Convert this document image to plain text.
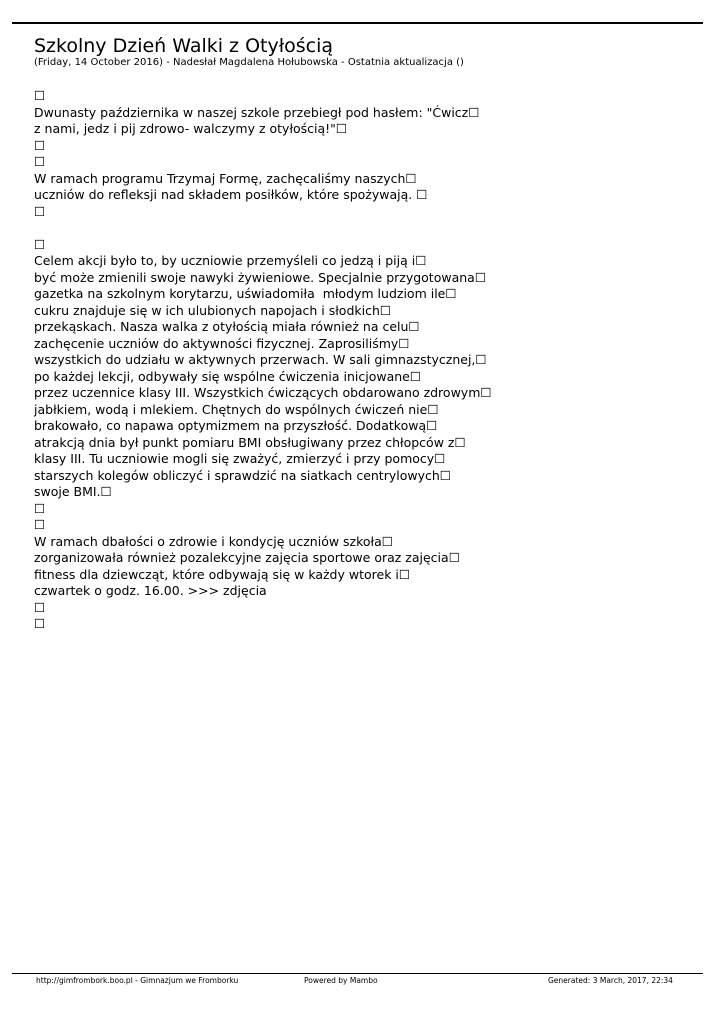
Szkolny Dzień Walki z Otyłością

(Friday, 14 October 2016) - Nadesłał Magdalena Hołubowska - Ostatnia aktualizacja ()

☐
Dwunasty października w naszej szkole przebiegł pod hasłem: "Ćwicz☐
z nami, jedz i pij zdrowo- walczymy z otyłością!"☐
☐
☐
W ramach programu Trzymaj Formę, zachęcaliśmy naszych☐
uczniów do refleksji nad składem posiłków, które spożywają. ☐
☐
☐
Celem akcji było to, by uczniowie przemyśleli co jedzą i piją i☐
być może zmienili swoje nawyki żywieniowe. Specjalnie przygotowana☐
gazetka na szkolnym korytarzu, uświadomiła  młodym ludziom ile☐
cukru znajduje się w ich ulubionych napojach i słodkich☐
przekąskach. Nasza walka z otyłością miała również na celu☐
zachęcenie uczniów do aktywności fizycznej. Zaprosiliśmy☐
wszystkich do udziału w aktywnych przerwach. W sali gimnazstycznej,☐
po każdej lekcji, odbywały się wspólne ćwiczenia inicjowane☐
przez uczennice klasy III. Wszystkich ćwiczących obdarowano zdrowym☐
jabłkiem, wodą i mlekiem. Chętnych do wspólnych ćwiczeń nie☐
brakowało, co napawa optymizmem na przyszłość. Dodatkową☐
atrakcją dnia był punkt pomiaru BMI obsługiwany przez chłopców z☐
klasy III. Tu uczniowie mogli się zważyć, zmierzyć i przy pomocy☐
starszych kolegów obliczyć i sprawdzić na siatkach centrylowych☐
swoje BMI.☐
☐
☐
W ramach dbałości o zdrowie i kondycję uczniów szkoła☐
zorganizowała również pozalekcyjne zajęcia sportowe oraz zajęcia☐
fitness dla dziewcząt, które odbywają się w każdy wtorek i☐
czwartek o godz. 16.00. >>> zdjęcia
☐
☐
http://gimfrombork.boo.pl - Gimnazjum we Fromborku	Powered by Mambo	Generated: 3 March, 2017, 22:34
